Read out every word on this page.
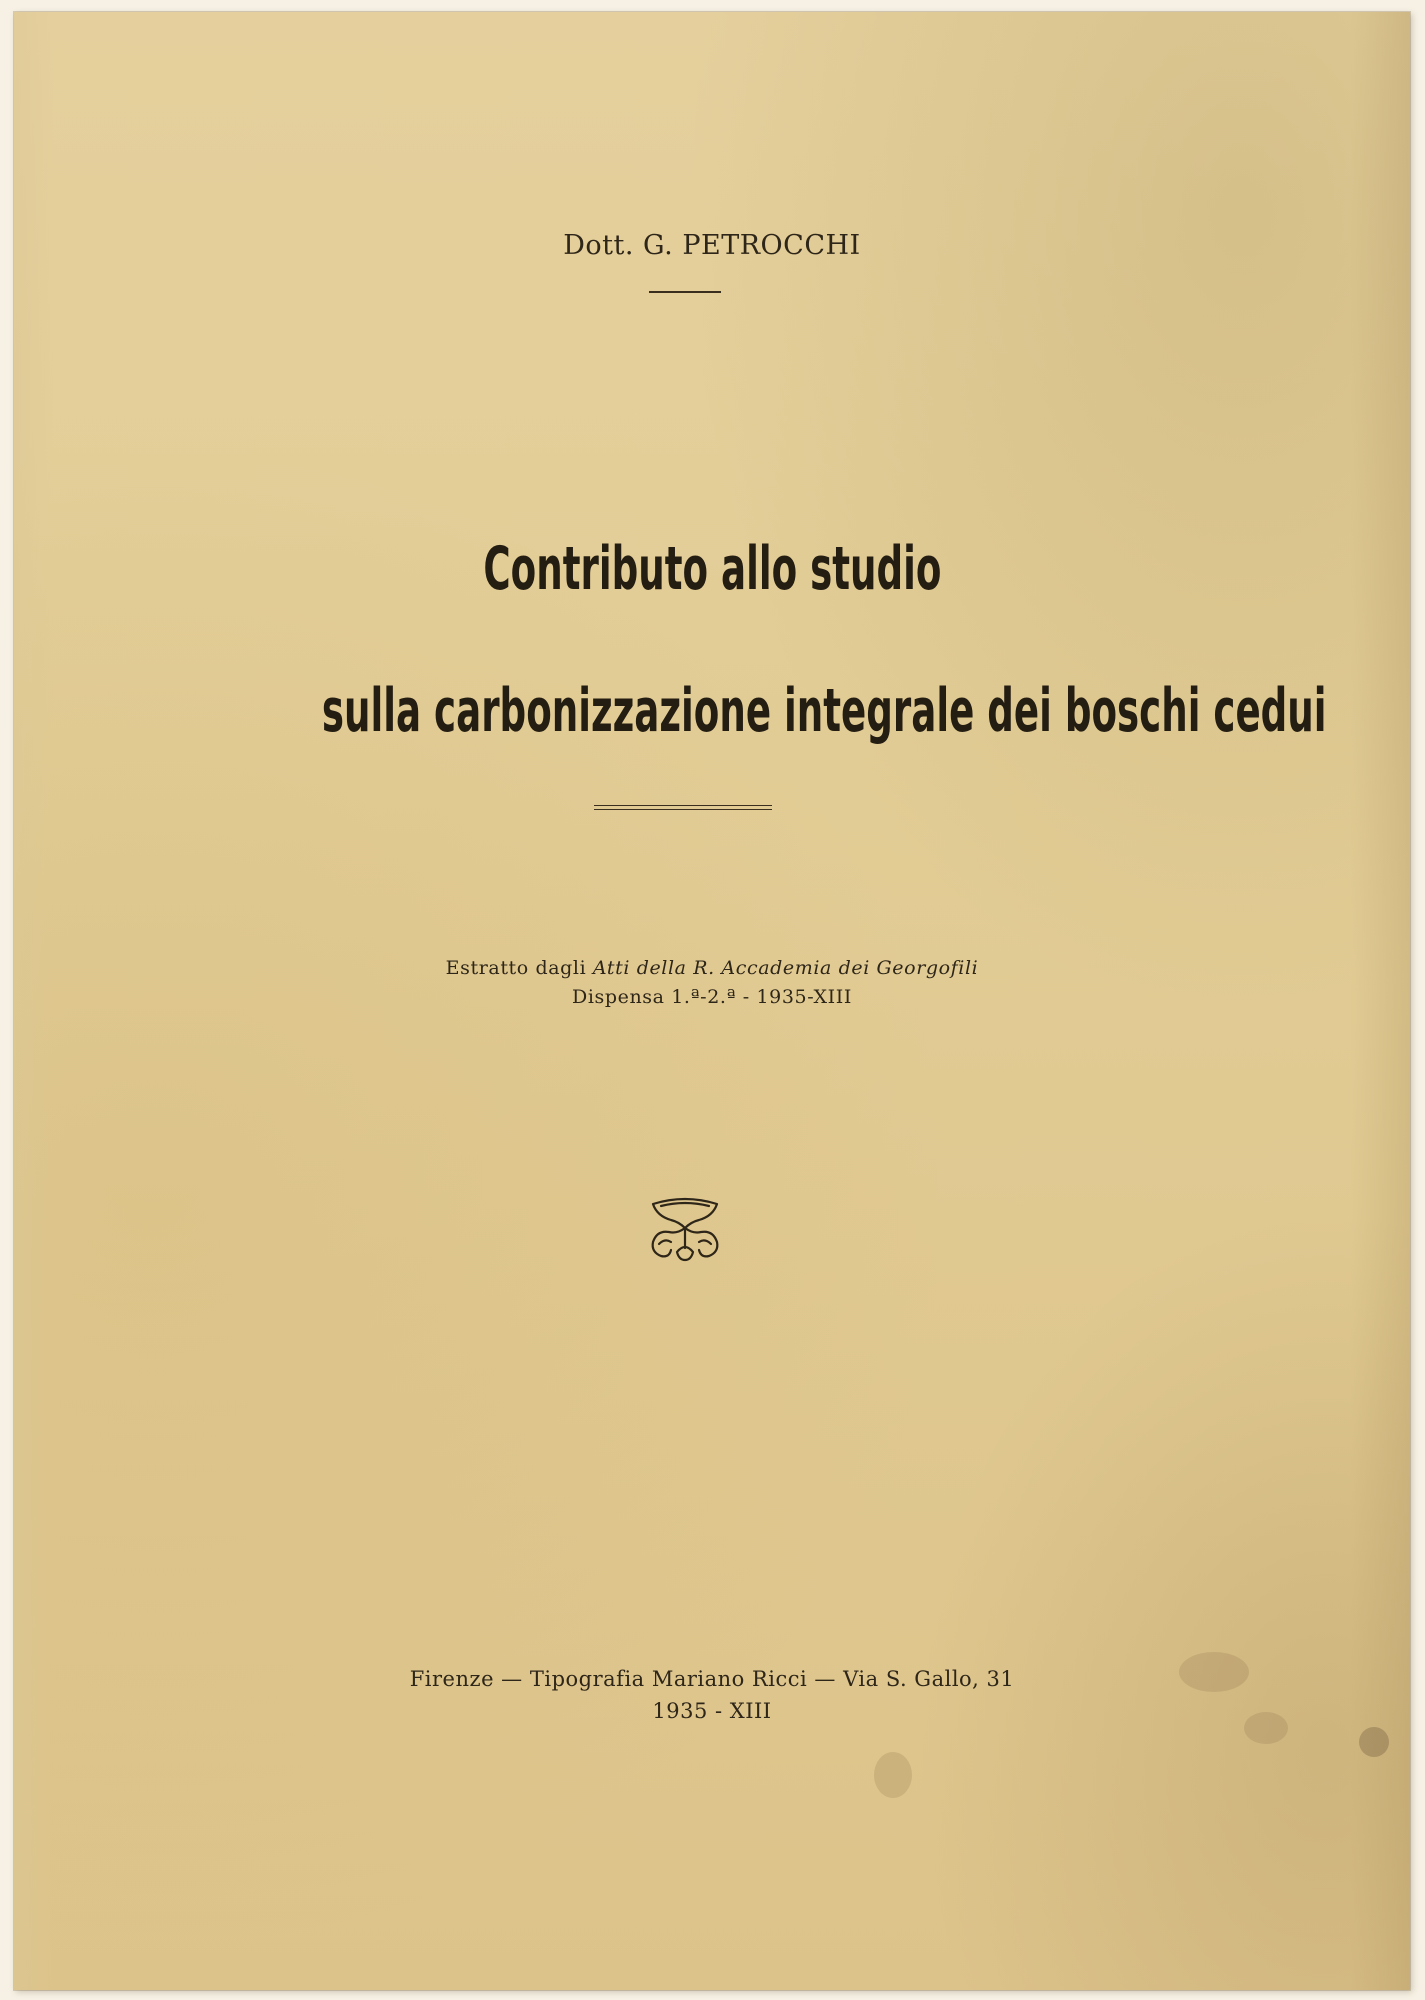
Dott. G. PETROCCHI
Contributo allo studio
sulla carbonizzazione integrale dei boschi cedui
Estratto dagli Atti della R. Accademia dei Georgofili
Dispensa 1.ª-2.ª - 1935-XIII
Firenze — Tipografia Mariano Ricci — Via S. Gallo, 31
1935 - XIII
